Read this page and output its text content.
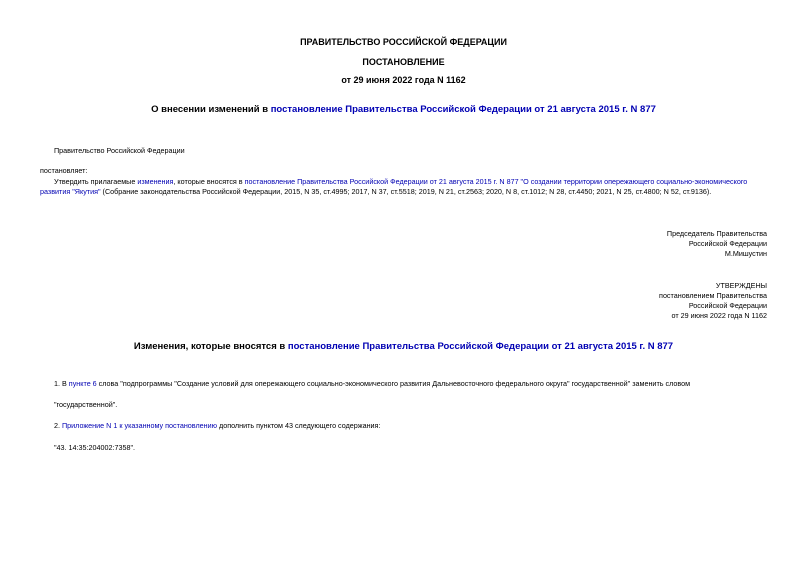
ПРАВИТЕЛЬСТВО РОССИЙСКОЙ ФЕДЕРАЦИИ
ПОСТАНОВЛЕНИЕ
от 29 июня 2022 года N 1162
О внесении изменений в постановление Правительства Российской Федерации от 21 августа 2015 г. N 877
Правительство Российской Федерации
постановляет:
Утвердить прилагаемые изменения, которые вносятся в постановление Правительства Российской Федерации от 21 августа 2015 г. N 877 "О создании территории опережающего социально-экономического
развития "Якутия" (Собрание законодательства Российской Федерации, 2015, N 35, ст.4995; 2017, N 37, ст.5518; 2019, N 21, ст.2563; 2020, N 8, ст.1012; N 28, ст.4450; 2021, N 25, ст.4800; N 52, ст.9136).
Председатель Правительства
Российской Федерации
М.Мишустин
УТВЕРЖДЕНЫ
постановлением Правительства
Российской Федерации
от 29 июня 2022 года N 1162
Изменения, которые вносятся в постановление Правительства Российской Федерации от 21 августа 2015 г. N 877
1. В пункте 6 слова "подпрограммы "Создание условий для опережающего социально-экономического развития Дальневосточного федерального округа" государственной" заменить словом
"государственной".
2. Приложение N 1 к указанному постановлению дополнить пунктом 43 следующего содержания:
"43. 14:35:204002:7358".
